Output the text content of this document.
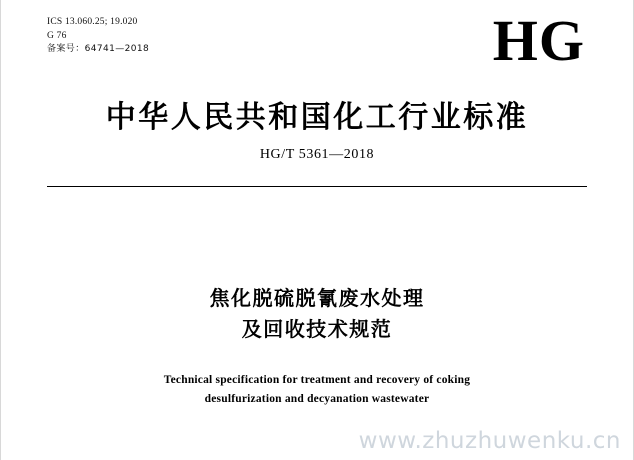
ICS 13.060.25; 19.020
G 76
备案号：64741—2018	HG
中华人民共和国化工行业标准
HG/T 5361—2018
焦化脱硫脱氰废水处理
及回收技术规范
Technical specification for treatment and recovery of coking
desulfurization and decyanation wastewater
www.zhuzhuwenku.cn
